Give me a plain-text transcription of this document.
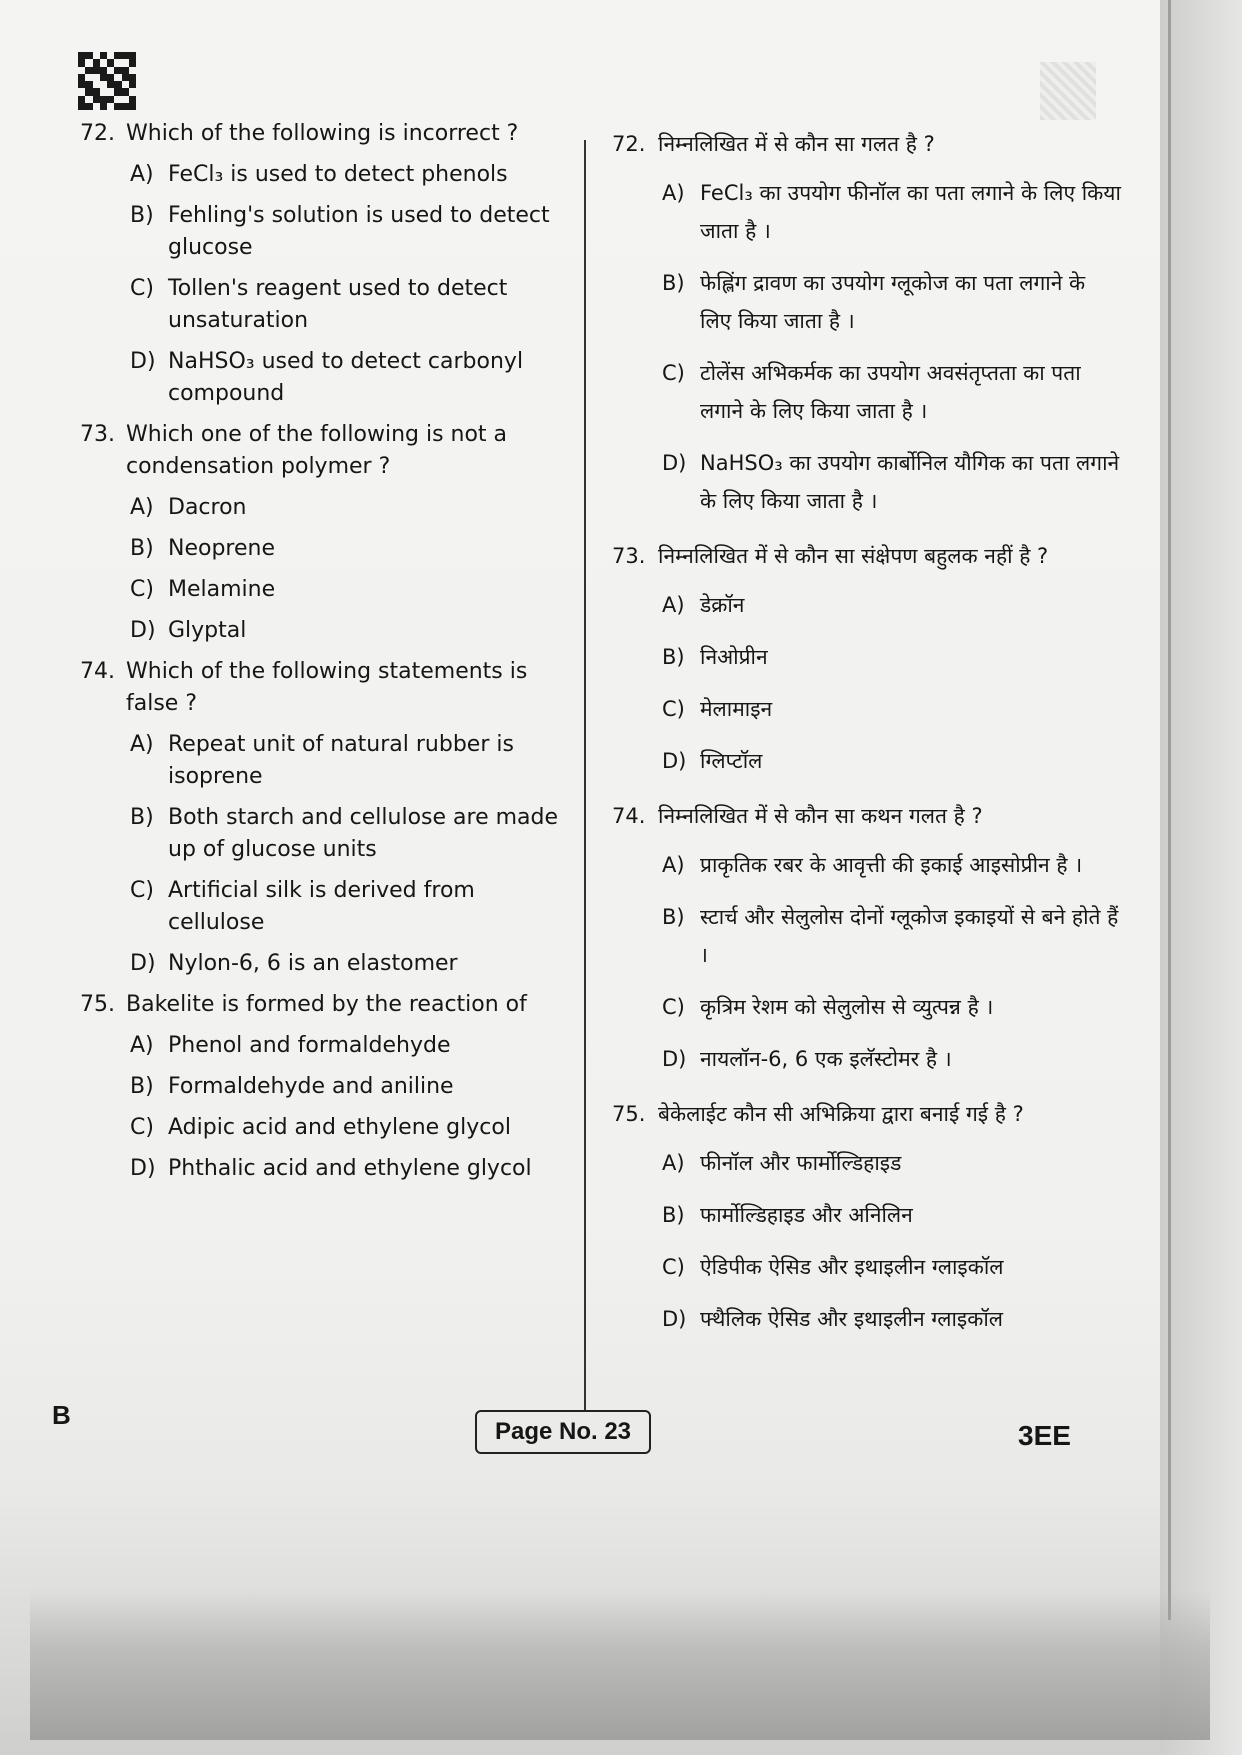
72. Which of the following is incorrect ?
A) FeCl₃ is used to detect phenols
B) Fehling's solution is used to detect glucose
C) Tollen's reagent used to detect unsaturation
D) NaHSO₃ used to detect carbonyl compound
73. Which one of the following is not a condensation polymer ?
A) Dacron
B) Neoprene
C) Melamine
D) Glyptal
74. Which of the following statements is false ?
A) Repeat unit of natural rubber is isoprene
B) Both starch and cellulose are made up of glucose units
C) Artificial silk is derived from cellulose
D) Nylon-6, 6 is an elastomer
75. Bakelite is formed by the reaction of
A) Phenol and formaldehyde
B) Formaldehyde and aniline
C) Adipic acid and ethylene glycol
D) Phthalic acid and ethylene glycol
72. निम्नलिखित में से कौन सा गलत है ?
A) FeCl₃ का उपयोग फीनॉल का पता लगाने के लिए किया जाता है ।
B) फेह्लिंग द्रावण का उपयोग ग्लूकोज का पता लगाने के लिए किया जाता है ।
C) टोलेंस अभिकर्मक का उपयोग अवसंतृप्तता का पता लगाने के लिए किया जाता है ।
D) NaHSO₃ का उपयोग कार्बोनिल यौगिक का पता लगाने के लिए किया जाता है ।
73. निम्नलिखित में से कौन सा संक्षेपण बहुलक नहीं है ?
A) डेक्रॉन
B) निओप्रीन
C) मेलामाइन
D) ग्लिप्टॉल
74. निम्नलिखित में से कौन सा कथन गलत है ?
A) प्राकृतिक रबर के आवृत्ती की इकाई आइसोप्रीन है ।
B) स्टार्च और सेलुलोस दोनों ग्लूकोज इकाइयों से बने होते हैं ।
C) कृत्रिम रेशम को सेलुलोस से व्युत्पन्न है ।
D) नायलॉन-6, 6 एक इलॅस्टोमर है ।
75. बेकेलाईट कौन सी अभिक्रिया द्वारा बनाई गई है ?
A) फीनॉल और फार्मोल्डिहाइड
B) फार्मोल्डिहाइड और अनिलिन
C) ऐडिपीक ऐसिड और इथाइलीन ग्लाइकॉल
D) फ्थैलिक ऐसिड और इथाइलीन ग्लाइकॉल
B
Page No. 23	3EE
